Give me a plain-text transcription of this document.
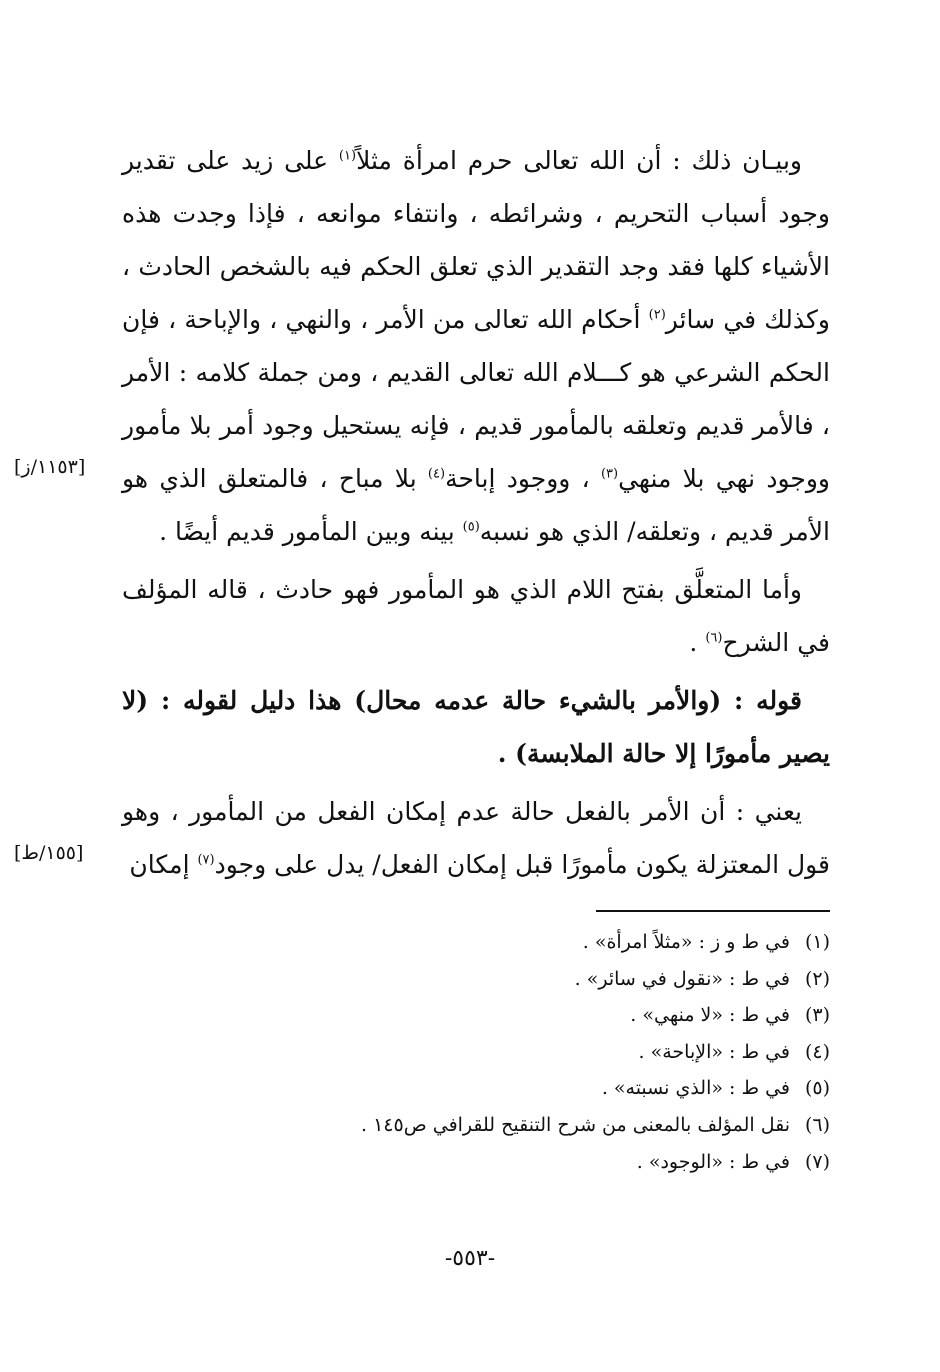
وبيـان ذلك : أن الله تعالى حرم امرأة مثلاً$^{(١)}$ على زيد على تقدير وجود أسباب التحريم ، وشرائطه ، وانتفاء موانعه ، فإذا وجدت هذه الأشياء كلها فقد وجد التقدير الذي تعلق الحكم فيه بالشخص الحادث ، وكذلك في سائر$^{(٢)}$ أحكام الله تعالى من الأمر ، والنهي ، والإباحة ، فإن الحكم الشرعي هو كـــلام الله تعالى القديم ، ومن جملة كلامه : الأمر ، فالأمر قديم وتعلقه بالمأمور قديم ، فإنه يستحيل وجود أمر بلا مأمور ووجود نهي بلا منهي$^{(٣)}$ ، ووجود إباحة$^{(٤)}$ بلا مباح ، فالمتعلق الذي هو الأمر قديم ، وتعلقه/ الذي هو نسبه$^{(٥)}$ بينه وبين المأمور قديم أيضًا .

وأما المتعلَّق بفتح اللام الذي هو المأمور فهو حادث ، قاله المؤلف في الشرح$^{(٦)}$ .

قوله : (والأمر بالشيء حالة عدمه محال) هذا دليل لقوله : (لا يصير مأمورًا إلا حالة الملابسة) .

يعني : أن الأمر بالفعل حالة عدم إمكان الفعل من المأمور ، وهو قول المعتزلة يكون مأمورًا قبل إمكان الفعل/ يدل على وجود$^{(٧)}$ إمكان

[١١٥٣/ز]
[١٥٥/ط]
(١)في ط و ز : «مثلاً امرأة» .
(٢)في ط : «نقول في سائر» .
(٣)في ط : «لا منهي» .
(٤)في ط : «الإباحة» .
(٥)في ط : «الذي نسبته» .
(٦)نقل المؤلف بالمعنى من شرح التنقيح للقرافي ص١٤٥ .
(٧)في ط : «الوجود» .
-٥٥٣-
